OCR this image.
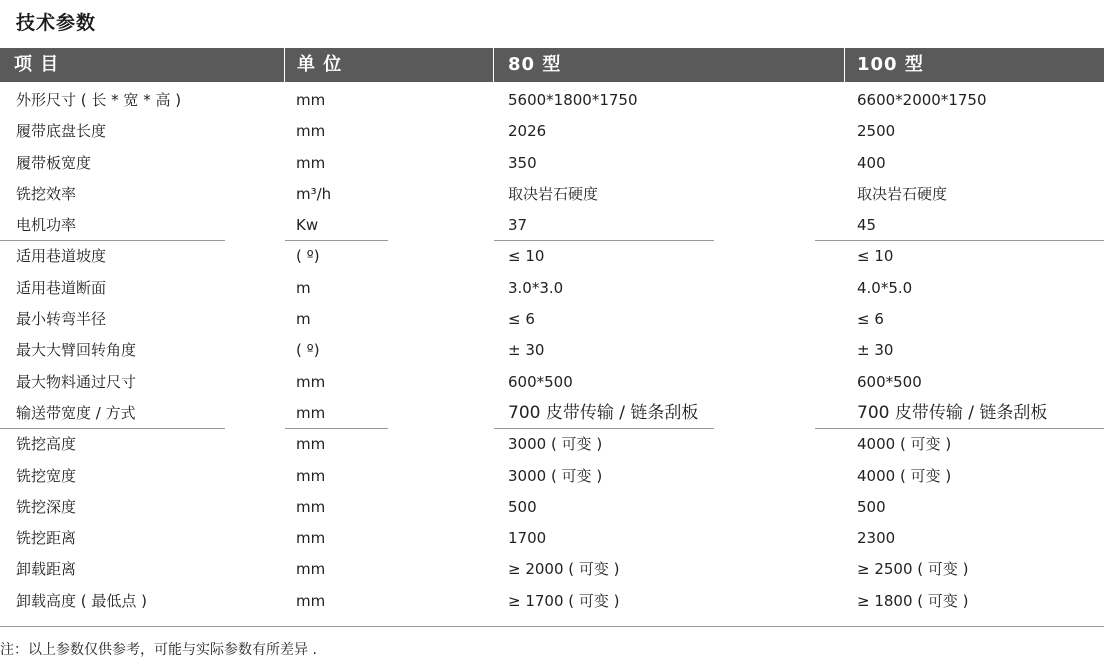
技术参数
项 目	单 位	80 型	100 型
外形尺寸 ( 长 * 宽 * 高 )	mm	5600*1800*1750	6600*2000*1750
履带底盘长度	mm	2026	2500
履带板宽度	mm	350	400
铣挖效率	m³/h	取决岩石硬度	取决岩石硬度
电机功率	Kw	37	45
适用巷道坡度	( º)	≤ 10	≤ 10
适用巷道断面	m	3.0*3.0	4.0*5.0
最小转弯半径	m	≤ 6	≤ 6
最大大臂回转角度	( º)	± 30	± 30
最大物料通过尺寸	mm	600*500	600*500
输送带宽度 / 方式	mm	700 皮带传输 / 链条刮板	700 皮带传输 / 链条刮板
铣挖高度	mm	3000 ( 可变 )	4000 ( 可变 )
铣挖宽度	mm	3000 ( 可变 )	4000 ( 可变 )
铣挖深度	mm	500	500
铣挖距离	mm	1700	2300
卸载距离	mm	≥ 2000 ( 可变 )	≥ 2500 ( 可变 )
卸载高度 ( 最低点 )	mm	≥ 1700 ( 可变 )	≥ 1800 ( 可变 )
注：以上参数仅供参考，可能与实际参数有所差异 .
